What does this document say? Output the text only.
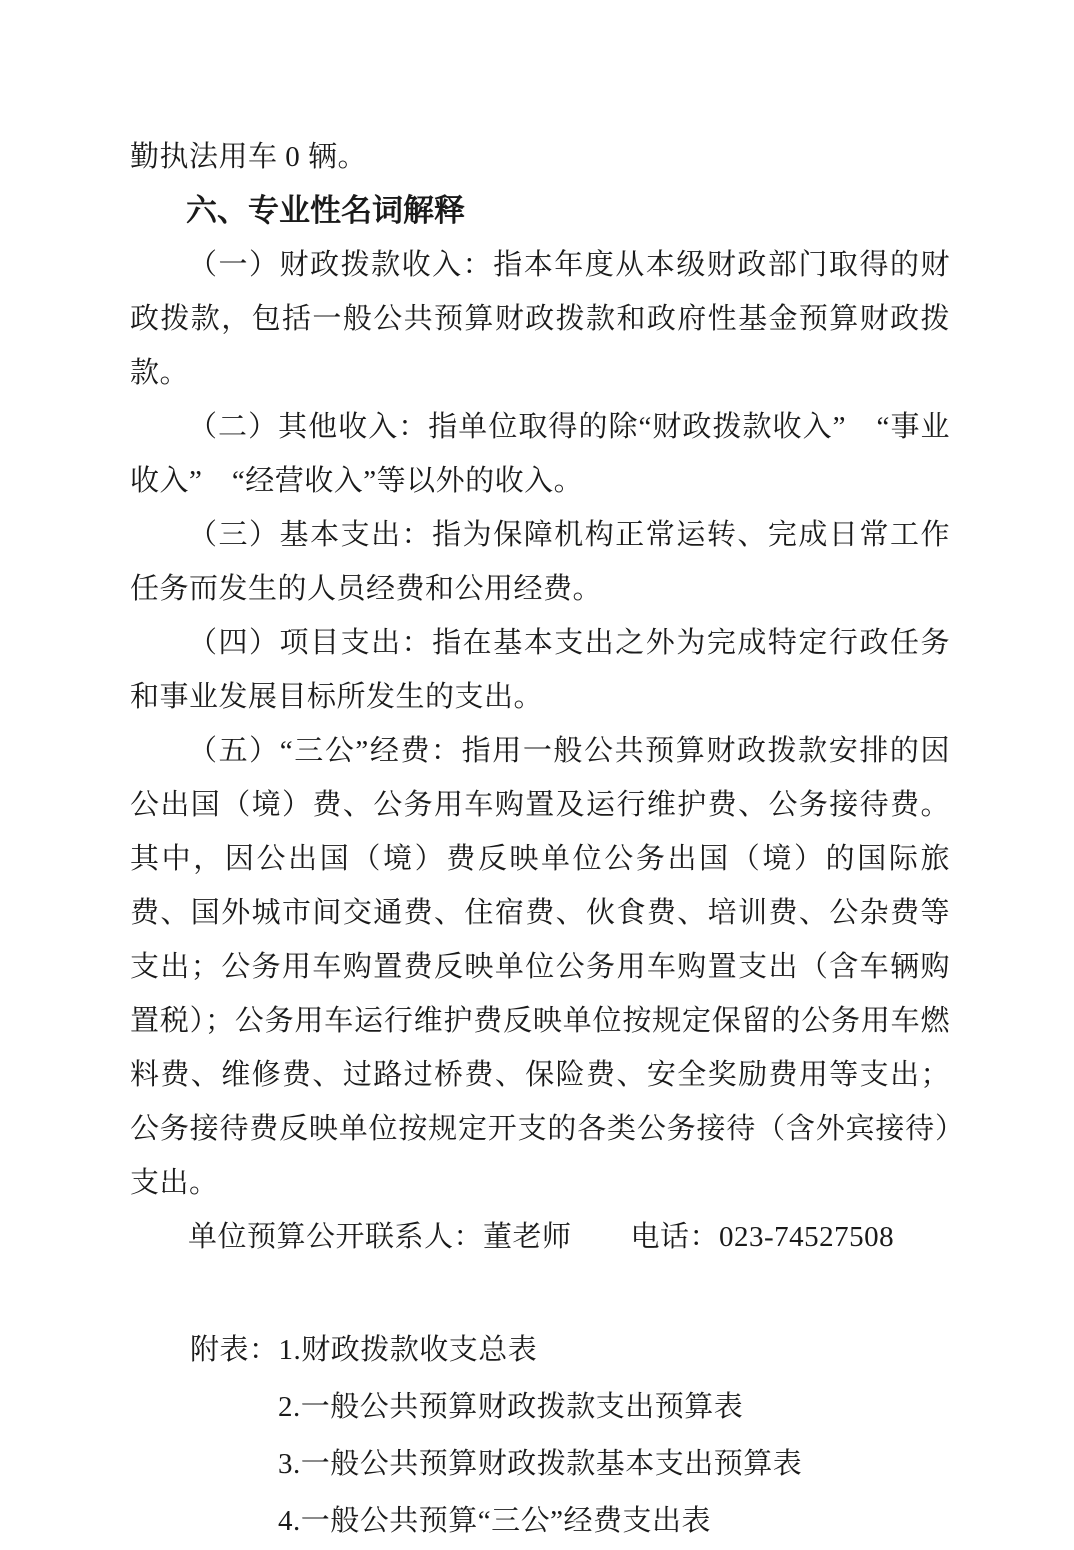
勤执法用车 0 辆。

六、专业性名词解释

（一）财政拨款收入：指本年度从本级财政部门取得的财政拨款，包括一般公共预算财政拨款和政府性基金预算财政拨款。

（二）其他收入：指单位取得的除“财政拨款收入”　“事业收入”　“经营收入”等以外的收入。

（三）基本支出：指为保障机构正常运转、完成日常工作任务而发生的人员经费和公用经费。

（四）项目支出：指在基本支出之外为完成特定行政任务和事业发展目标所发生的支出。

（五）“三公”经费：指用一般公共预算财政拨款安排的因公出国（境）费、公务用车购置及运行维护费、公务接待费。其中，因公出国（境）费反映单位公务出国（境）的国际旅费、国外城市间交通费、住宿费、伙食费、培训费、公杂费等支出；公务用车购置费反映单位公务用车购置支出（含车辆购置税）；公务用车运行维护费反映单位按规定保留的公务用车燃料费、维修费、过路过桥费、保险费、安全奖励费用等支出；公务接待费反映单位按规定开支的各类公务接待（含外宾接待）支出。

单位预算公开联系人：董老师　　电话：023-74527508

附表：1.财政拨款收支总表

2.一般公共预算财政拨款支出预算表

3.一般公共预算财政拨款基本支出预算表

4.一般公共预算“三公”经费支出表
